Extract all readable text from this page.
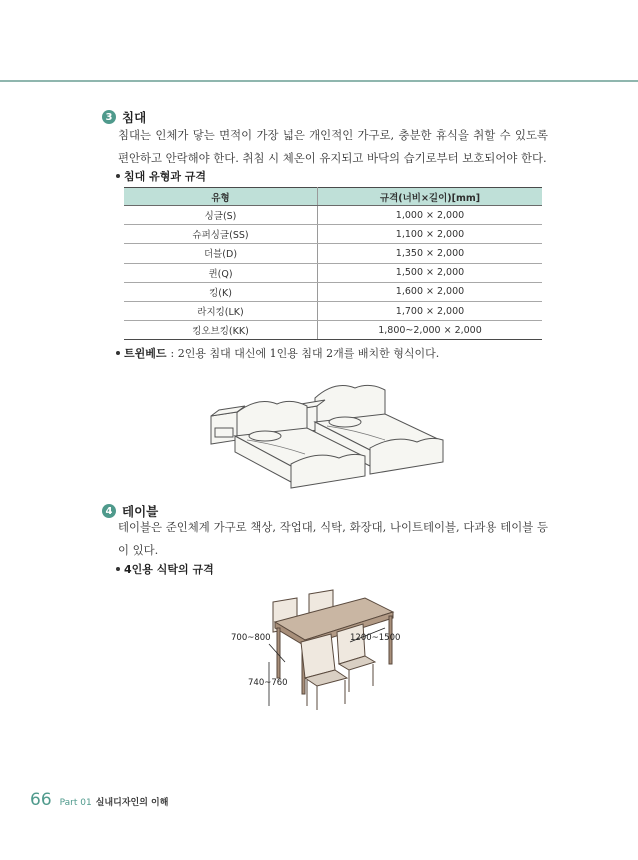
3 침대
침대는 인체가 닿는 면적이 가장 넓은 개인적인 가구로, 충분한 휴식을 취할 수 있도록 편안하고 안락해야 한다. 취침 시 체온이 유지되고 바닥의 습기로부터 보호되어야 한다.
침대 유형과 규격
유형	규격(너비×길이)[mm]
싱글(S)	1,000 × 2,000
슈퍼싱글(SS)	1,100 × 2,000
더블(D)	1,350 × 2,000
퀸(Q)	1,500 × 2,000
킹(K)	1,600 × 2,000
라지킹(LK)	1,700 × 2,000
킹오브킹(KK)	1,800~2,000 × 2,000
트윈베드 : 2인용 침대 대신에 1인용 침대 2개를 배치한 형식이다.
4 테이블
테이블은 준인체계 가구로 책상, 작업대, 식탁, 화장대, 나이트테이블, 다과용 테이블 등이 있다.
4인용 식탁의 규격
700~800	1200~1500
740~760
66 Part 01 실내디자인의 이해
